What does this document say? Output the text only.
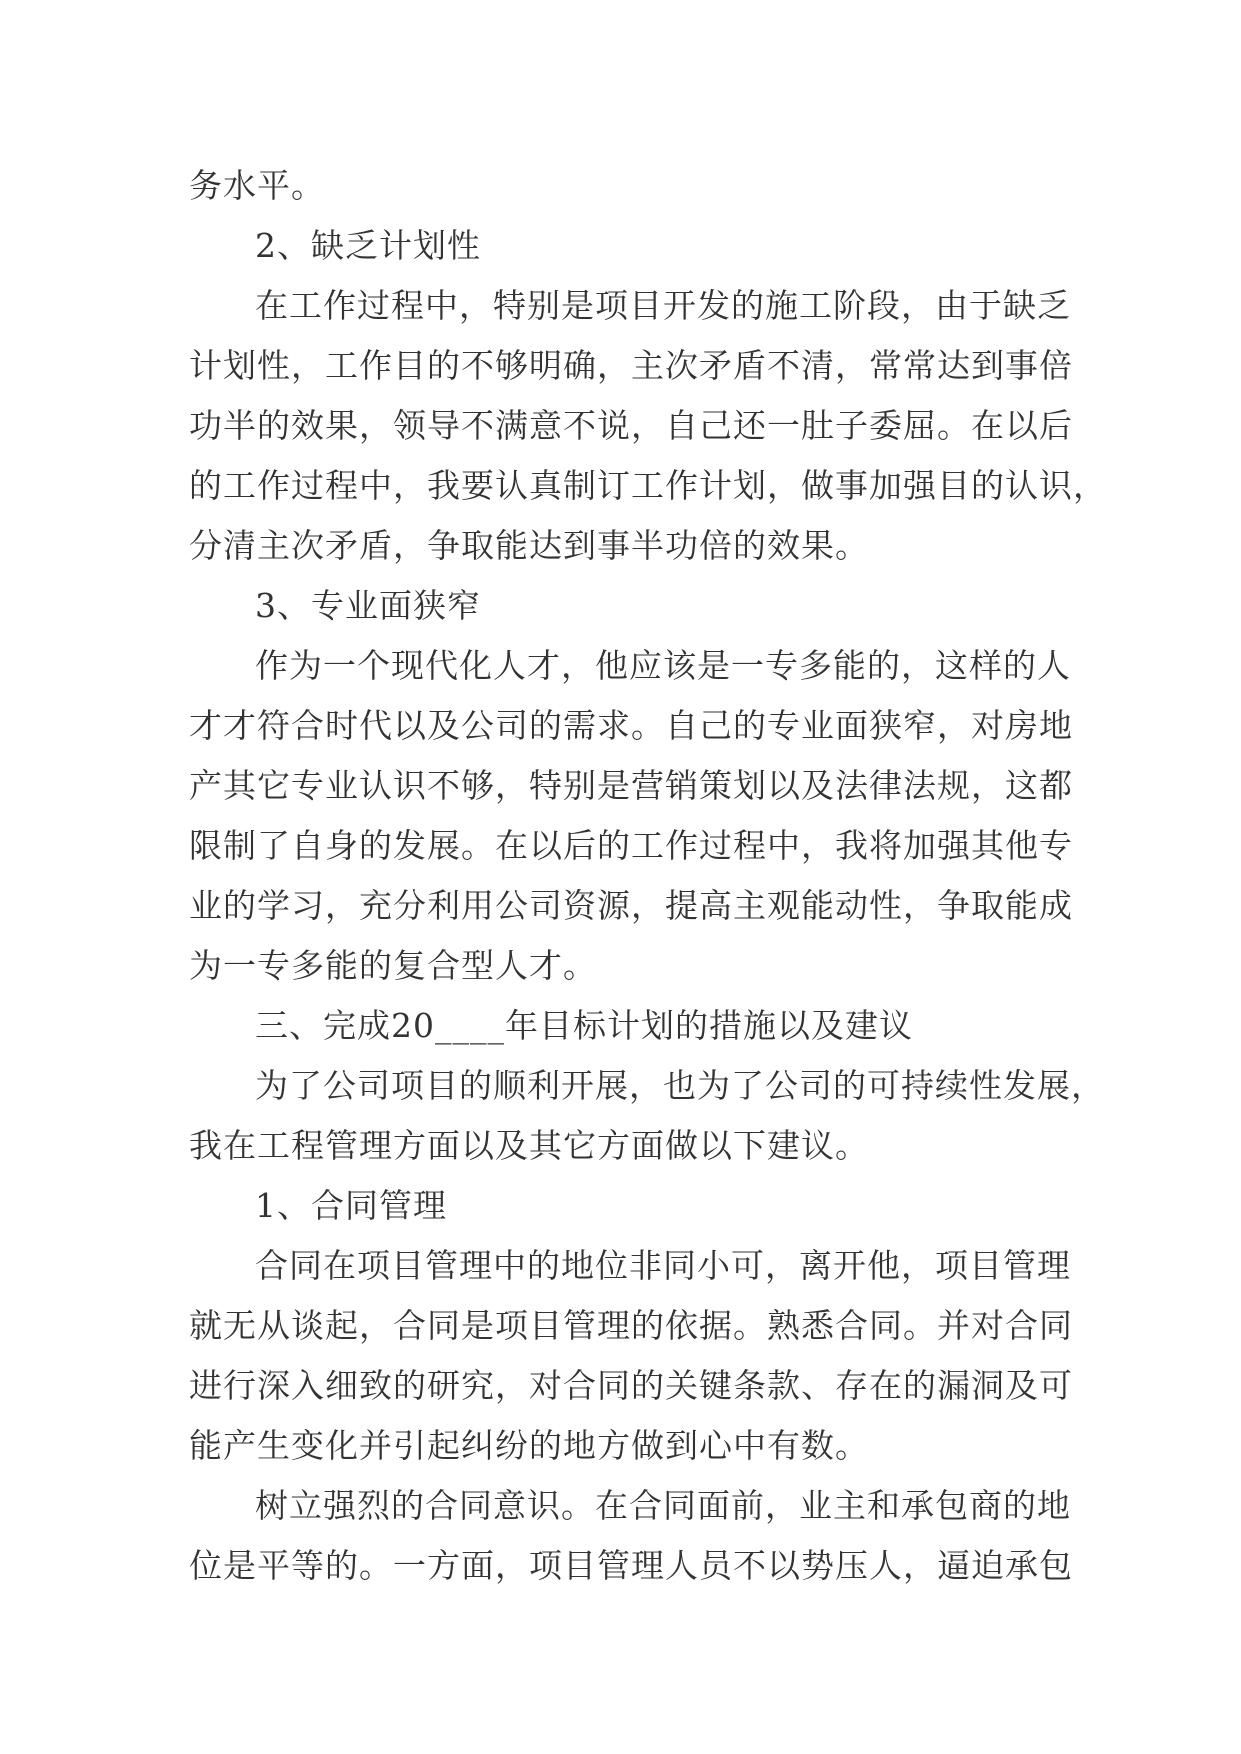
务水平。
2、缺乏计划性
在工作过程中，特别是项目开发的施工阶段，由于缺乏
计划性，工作目的不够明确，主次矛盾不清，常常达到事倍
功半的效果，领导不满意不说，自己还一肚子委屈。在以后
的工作过程中，我要认真制订工作计划，做事加强目的认识，
分清主次矛盾，争取能达到事半功倍的效果。
3、专业面狭窄
作为一个现代化人才，他应该是一专多能的，这样的人
才才符合时代以及公司的需求。自己的专业面狭窄，对房地
产其它专业认识不够，特别是营销策划以及法律法规，这都
限制了自身的发展。在以后的工作过程中，我将加强其他专
业的学习，充分利用公司资源，提高主观能动性，争取能成
为一专多能的复合型人才。
三、完成20____年目标计划的措施以及建议
为了公司项目的顺利开展，也为了公司的可持续性发展，
我在工程管理方面以及其它方面做以下建议。
1、合同管理
合同在项目管理中的地位非同小可，离开他，项目管理
就无从谈起，合同是项目管理的依据。熟悉合同。并对合同
进行深入细致的研究，对合同的关键条款、存在的漏洞及可
能产生变化并引起纠纷的地方做到心中有数。
树立强烈的合同意识。在合同面前，业主和承包商的地
位是平等的。一方面，项目管理人员不以势压人，逼迫承包
